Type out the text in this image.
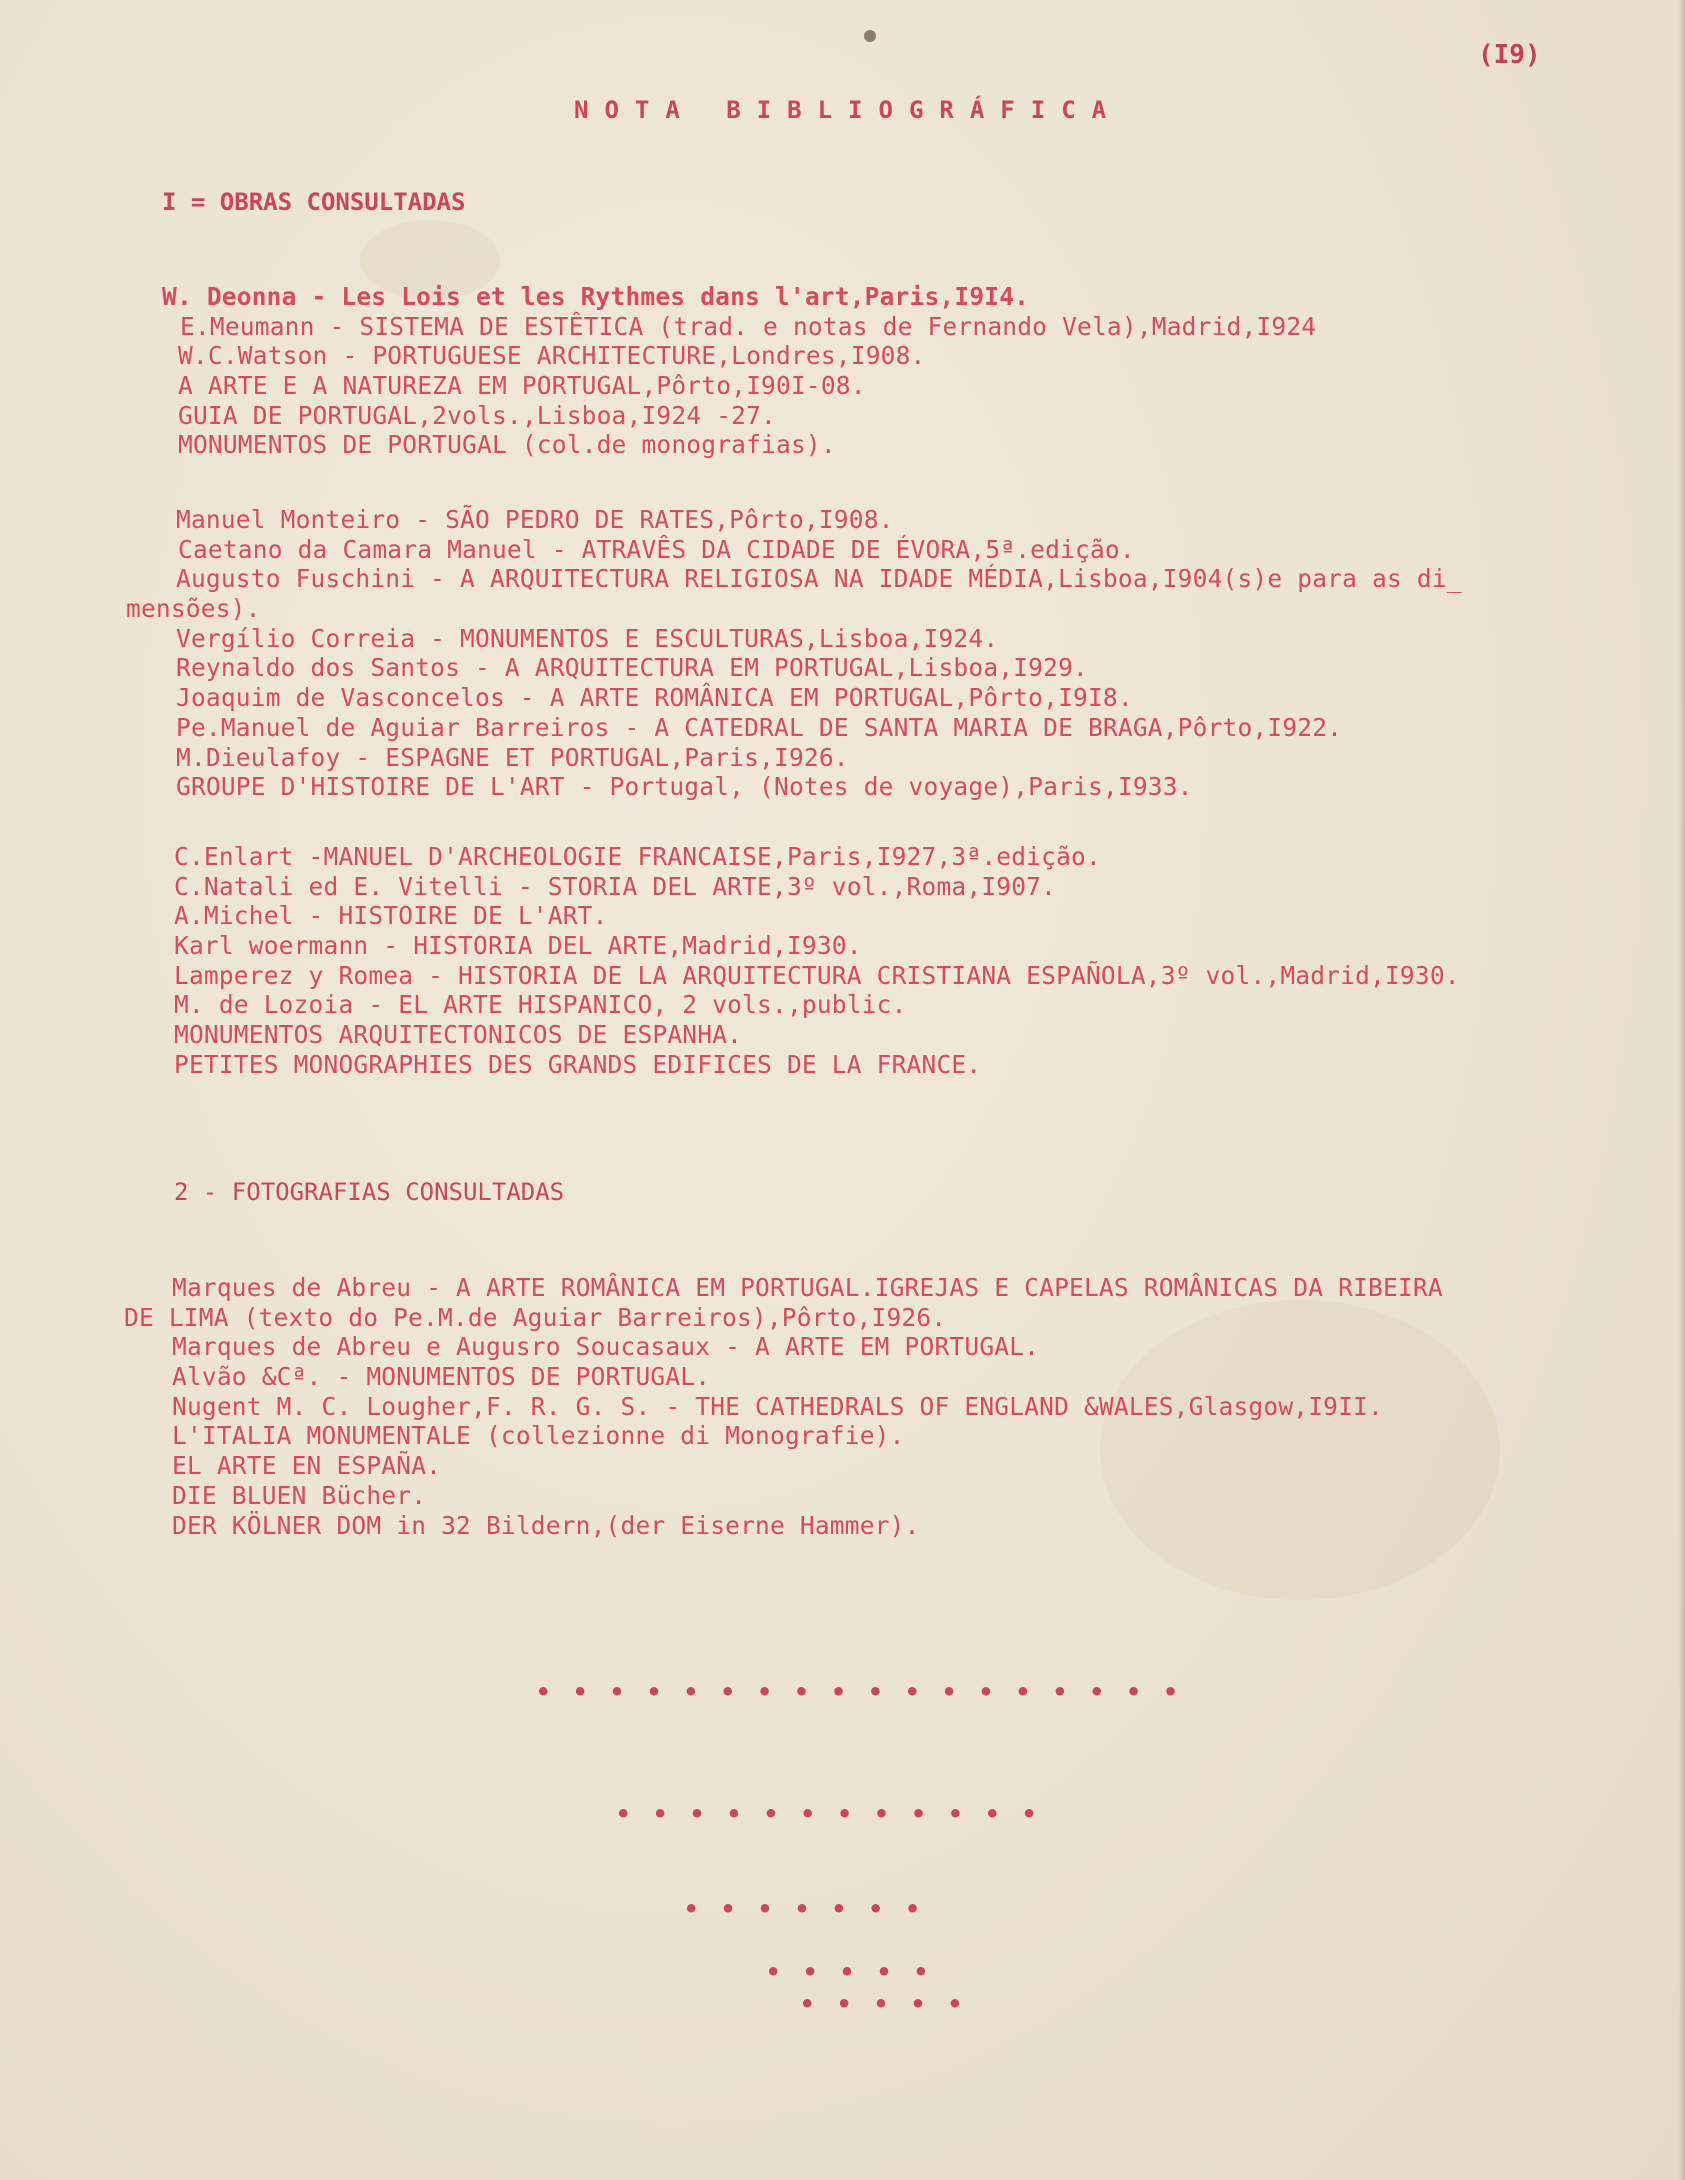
(I9)
NOTA BIBLIOGRÁFICA
I = OBRAS CONSULTADAS
W. Deonna - Les Lois et les Rythmes dans l'art,Paris,I9I4.
E.Meumann - SISTEMA DE ESTÊTICA (trad. e notas de Fernando Vela),Madrid,I924
W.C.Watson - PORTUGUESE ARCHITECTURE,Londres,I908.
A ARTE E A NATUREZA EM PORTUGAL,Pôrto,I90I-08.
GUIA DE PORTUGAL,2vols.,Lisboa,I924 -27.
MONUMENTOS DE PORTUGAL (col.de monografias).
Manuel Monteiro - SÃO PEDRO DE RATES,Pôrto,I908.
Caetano da Camara Manuel - ATRAVÊS DA CIDADE DE ÉVORA,5ª.edição.
Augusto Fuschini - A ARQUITECTURA RELIGIOSA NA IDADE MÉDIA,Lisboa,I904(s)e para as di_
mensões).
Vergílio Correia - MONUMENTOS E ESCULTURAS,Lisboa,I924.
Reynaldo dos Santos - A ARQUITECTURA EM PORTUGAL,Lisboa,I929.
Joaquim de Vasconcelos - A ARTE ROMÂNICA EM PORTUGAL,Pôrto,I9I8.
Pe.Manuel de Aguiar Barreiros - A CATEDRAL DE SANTA MARIA DE BRAGA,Pôrto,I922.
M.Dieulafoy - ESPAGNE ET PORTUGAL,Paris,I926.
GROUPE D'HISTOIRE DE L'ART - Portugal, (Notes de voyage),Paris,I933.
C.Enlart -MANUEL D'ARCHEOLOGIE FRANCAISE,Paris,I927,3ª.edição.
C.Natali ed E. Vitelli - STORIA DEL ARTE,3º vol.,Roma,I907.
A.Michel - HISTOIRE DE L'ART.
Karl woermann - HISTORIA DEL ARTE,Madrid,I930.
Lamperez y Romea - HISTORIA DE LA ARQUITECTURA CRISTIANA ESPAÑOLA,3º vol.,Madrid,I930.
M. de Lozoia - EL ARTE HISPANICO, 2 vols.,public.
MONUMENTOS ARQUITECTONICOS DE ESPANHA.
PETITES MONOGRAPHIES DES GRANDS EDIFICES DE LA FRANCE.
2 - FOTOGRAFIAS CONSULTADAS
Marques de Abreu - A ARTE ROMÂNICA EM PORTUGAL.IGREJAS E CAPELAS ROMÂNICAS DA RIBEIRA
DE LIMA (texto do Pe.M.de Aguiar Barreiros),Pôrto,I926.
Marques de Abreu e Augusro Soucasaux - A ARTE EM PORTUGAL.
Alvão &Cª. - MONUMENTOS DE PORTUGAL.
Nugent M. C. Lougher,F. R. G. S. - THE CATHEDRALS OF ENGLAND &WALES,Glasgow,I9II.
L'ITALIA MONUMENTALE (collezionne di Monografie).
EL ARTE EN ESPAÑA.
DIE BLUEN Bücher.
DER KÖLNER DOM in 32 Bildern,(der Eiserne Hammer).
• • • • • • • • • • • • • • • • • •
• • • • • • • • • • • •
• • • • • • •
• • • • •
• • • • •
